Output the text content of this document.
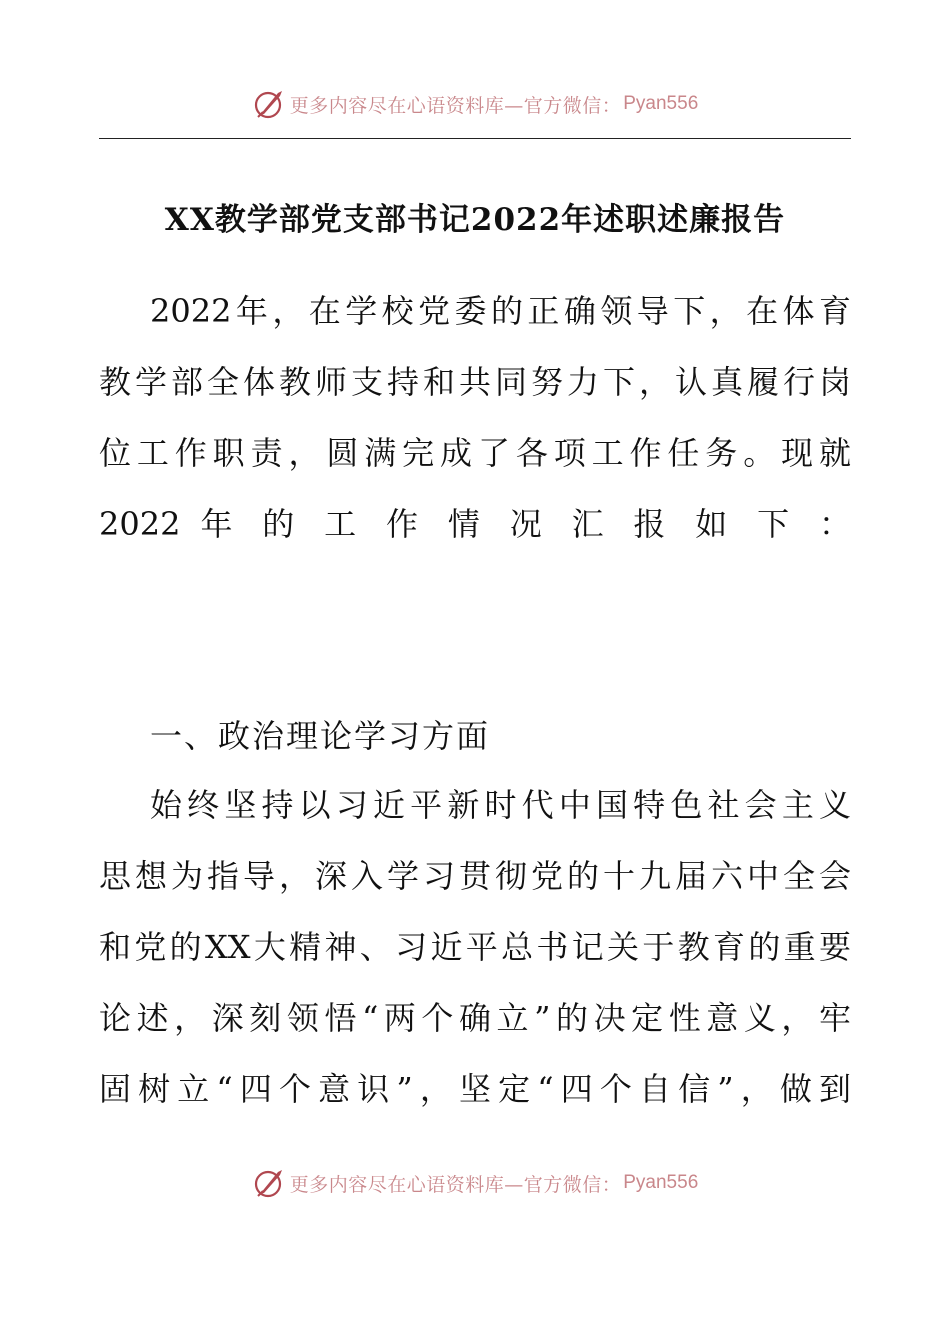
更多内容尽在心语资料库—官方微信： Pyan556
XX教学部党支部书记2022年述职述廉报告
2022年，在学校党委的正确领导下，在体育
教学部全体教师支持和共同努力下，认真履行岗
位工作职责，圆满完成了各项工作任务。现就
2022 年 的 工 作 情 况 汇 报 如 下 ：
一、政治理论学习方面
始终坚持以习近平新时代中国特色社会主义
思想为指导，深入学习贯彻党的十九届六中全会
和党的XX大精神、习近平总书记关于教育的重要
论述，深刻领悟“两个确立”的决定性意义，牢
固树立“四个意识”，坚定“四个自信”，做到
更多内容尽在心语资料库—官方微信： Pyan556
